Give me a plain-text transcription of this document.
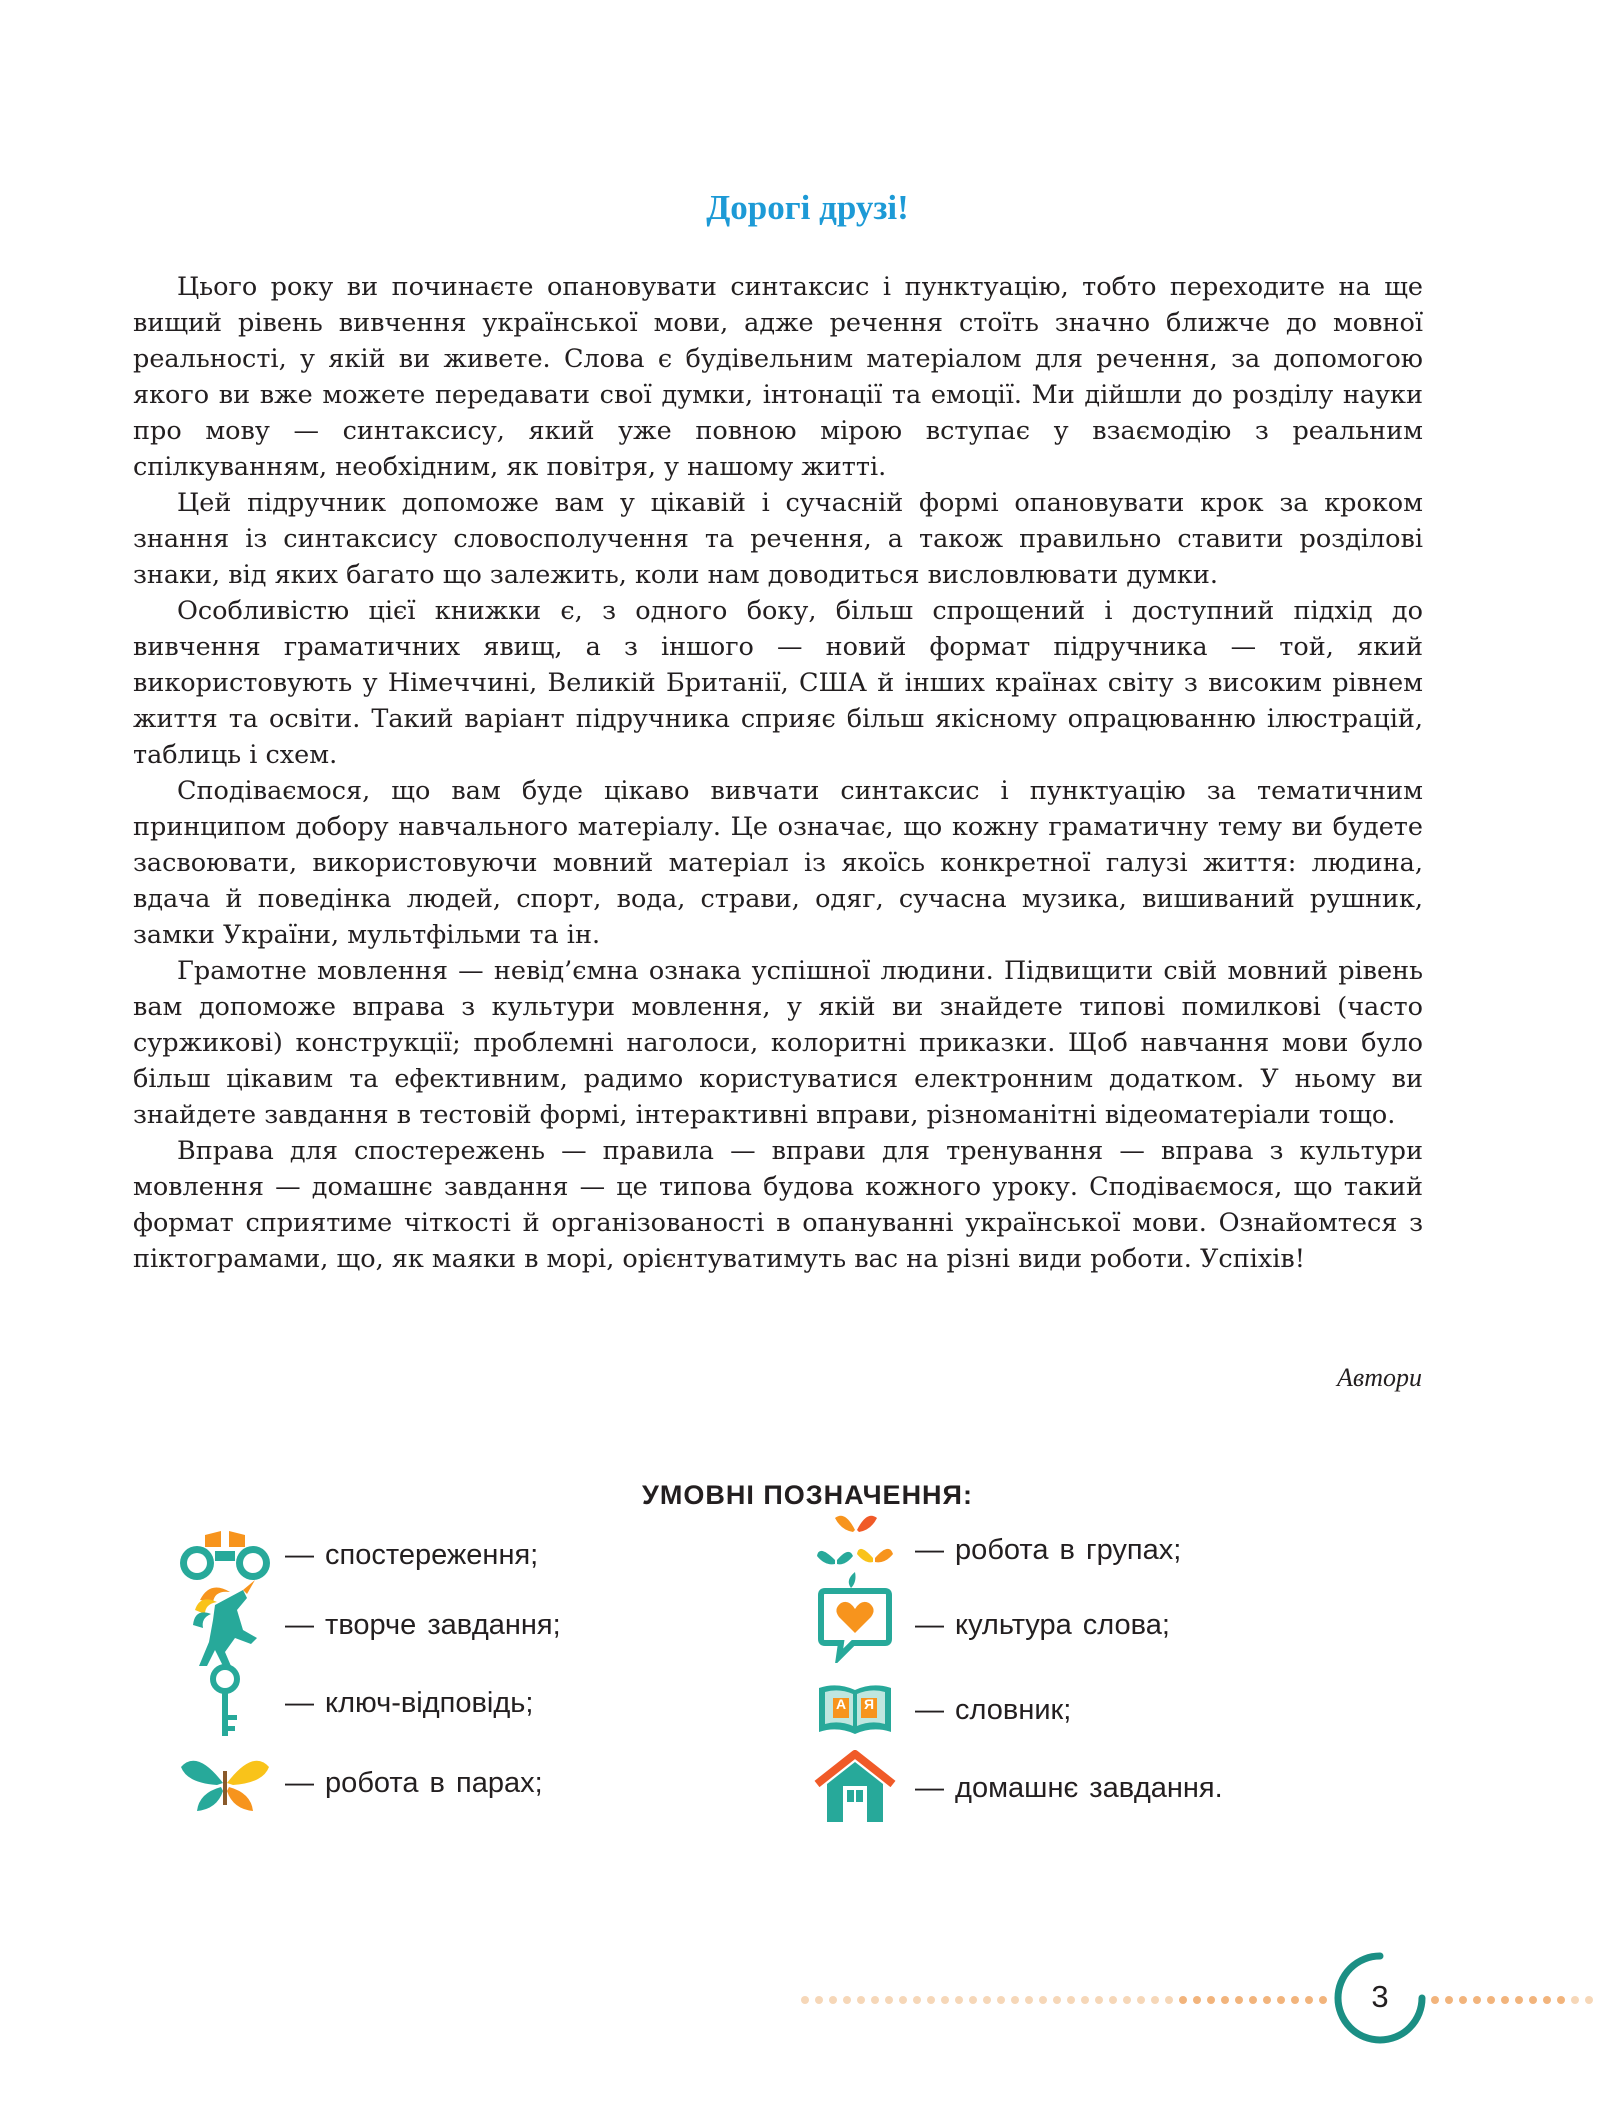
Дорогі друзі!

Цього року ви починаєте опановувати синтаксис і пунктуацію, тобто переходите на ще вищий рівень вивчення української мови, адже речення стоїть значно ближче до мовної реальності, у якій ви живете. Слова є будівельним матеріалом для речення, за допомогою якого ви вже можете передавати свої думки, інтонації та емоції. Ми дійшли до розділу науки про мову — синтаксису, який уже повною мірою вступає у взаємодію з реальним спілкуванням, необхідним, як повітря, у нашому житті.

Цей підручник допоможе вам у цікавій і сучасній формі опановувати крок за кроком знання із синтаксису словосполучення та речення, а також правильно ставити розділові знаки, від яких багато що залежить, коли нам доводиться висловлювати думки.

Особливістю цієї книжки є, з одного боку, більш спрощений і доступний підхід до вивчення граматичних явищ, а з іншого — новий формат підручника — той, який використовують у Німеччині, Великій Британії, США й інших країнах світу з високим рівнем життя та освіти. Такий варіант підручника сприяє більш якісному опрацюванню ілюстрацій, таблиць і схем.

Сподіваємося, що вам буде цікаво вивчати синтаксис і пунктуацію за тематичним принципом добору навчального матеріалу. Це означає, що кожну граматичну тему ви будете засвоювати, використовуючи мовний матеріал із якоїсь конкретної галузі життя: людина, вдача й поведінка людей, спорт, вода, страви, одяг, сучасна музика, вишиваний рушник, замки України, мультфільми та ін.

Грамотне мовлення — невід’ємна ознака успішної людини. Підвищити свій мовний рівень вам допоможе вправа з культури мовлення, у якій ви знайдете типові помилкові (часто суржикові) конструкції; проблемні наголоси, колоритні приказки. Щоб навчання мови було більш цікавим та ефективним, радимо користуватися електронним додатком. У ньому ви знайдете завдання в тестовій формі, інтерактивні вправи, різноманітні відеоматеріали тощо.

Вправа для спостережень — правила — вправи для тренування — вправа з культури мовлення — домашнє завдання — це типова будова кожного уроку. Сподіваємося, що такий формат сприятиме чіткості й організованості в опануванні української мови. Ознайомтеся з піктограмами, що, як маяки в морі, орієнтуватимуть вас на різні види роботи. Успіхів!

Автори
УМОВНІ ПОЗНАЧЕННЯ:
— спостереження;
— творче завдання;
— ключ-відповідь;
— робота в парах;
— робота в групах;
— культура слова;
А Я	— словник;
— домашнє завдання.
3
